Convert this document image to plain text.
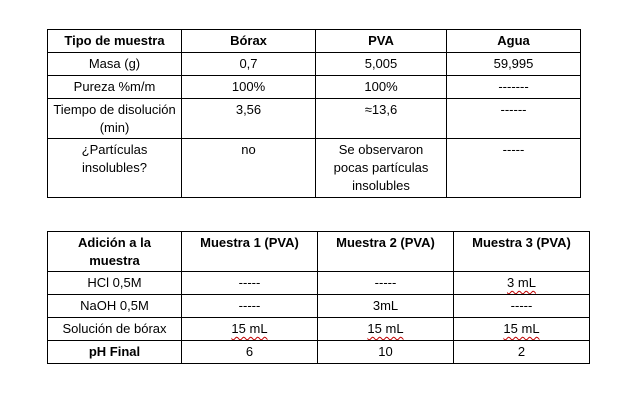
Tipo de muestra	Bórax	PVA	Agua
Masa (g)	0,7	5,005	59,995
Pureza %m/m	100%	100%	-------
Tiempo de disolución (min)	3,56	≈13,6	------
¿Partículas insolubles?	no	Se observaron pocas partículas insolubles	-----
Adición a la muestra	Muestra 1 (PVA)	Muestra 2 (PVA)	Muestra 3 (PVA)
HCl 0,5M	-----	-----	3 mL
NaOH 0,5M	-----	3mL	-----
Solución de bórax	15 mL	15 mL	15 mL
pH Final	6	10	2
